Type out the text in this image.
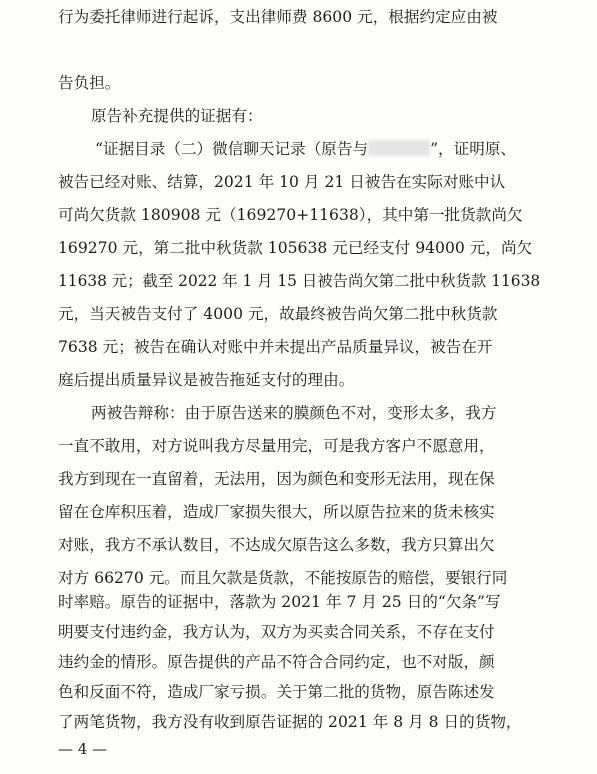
行为委托律师进行起诉，支出律师费 8600 元，根据约定应由被
告负担。
原告补充提供的证据有：
“证据目录（二）微信聊天记录（原告与	”，证明原、
被告已经对账、结算，2021 年 10 月 21 日被告在实际对账中认
可尚欠货款 180908 元（169270+11638），其中第一批货款尚欠
169270 元，第二批中秋货款 105638 元已经支付 94000 元，尚欠
11638 元；截至 2022 年 1 月 15 日被告尚欠第二批中秋货款 11638
元，当天被告支付了 4000 元，故最终被告尚欠第二批中秋货款
7638 元；被告在确认对账中并未提出产品质量异议，被告在开
庭后提出质量异议是被告拖延支付的理由。
两被告辩称：由于原告送来的膜颜色不对，变形太多，我方
一直不敢用，对方说叫我方尽量用完，可是我方客户不愿意用，
我方到现在一直留着，无法用，因为颜色和变形无法用，现在保
留在仓库积压着，造成厂家损失很大，所以原告拉来的货未核实
对账，我方不承认数目，不达成欠原告这么多数，我方只算出欠
对方 66270 元。而且欠款是货款，不能按原告的赔偿，要银行同
时率赔。原告的证据中，落款为 2021 年 7 月 25 日的“欠条”写
明要支付违约金，我方认为，双方为买卖合同关系，不存在支付
违约金的情形。原告提供的产品不符合合同约定，也不对版，颜
色和反面不符，造成厂家亏损。关于第二批的货物，原告陈述发
— 4 —
了两笔货物，我方没有收到原告证据的 2021 年 8 月 8 日的货物，
